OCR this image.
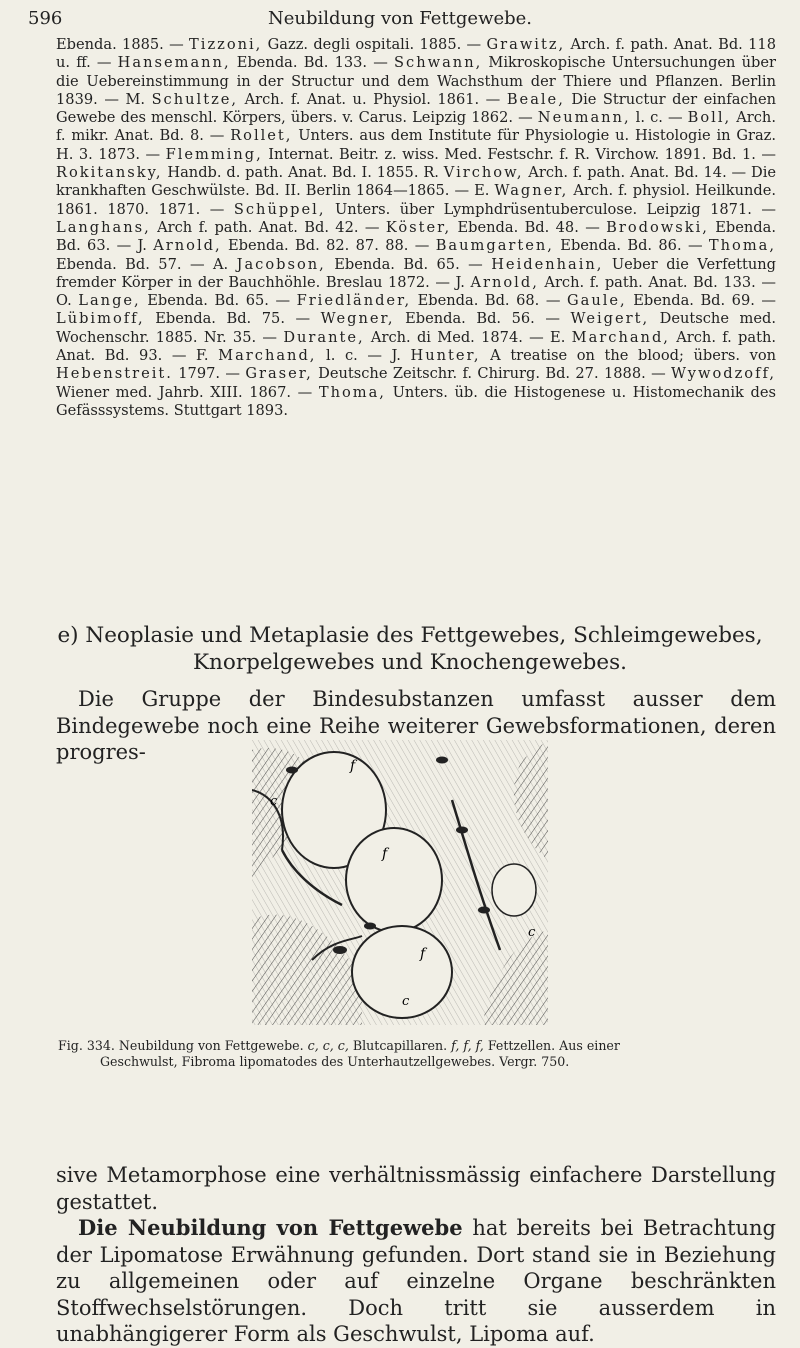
596	Neubildung von Fettgewebe.
Ebenda. 1885. — Tizzoni, Gazz. degli ospitali. 1885. — Grawitz, Arch. f. path. Anat. Bd. 118 u. ff. — Hansemann, Ebenda. Bd. 133. — Schwann, Mikroskopische Untersuchungen über die Uebereinstimmung in der Structur und dem Wachsthum der Thiere und Pflanzen. Berlin 1839. — M. Schultze, Arch. f. Anat. u. Physiol. 1861. — Beale, Die Structur der einfachen Gewebe des menschl. Körpers, übers. v. Carus. Leipzig 1862. — Neumann, l. c. — Boll, Arch. f. mikr. Anat. Bd. 8. — Rollet, Unters. aus dem Institute für Physiologie u. Histologie in Graz. H. 3. 1873. — Flemming, Internat. Beitr. z. wiss. Med. Festschr. f. R. Virchow. 1891. Bd. 1. — Rokitansky, Handb. d. path. Anat. Bd. I. 1855. R. Virchow, Arch. f. path. Anat. Bd. 14. — Die krankhaften Geschwülste. Bd. II. Berlin 1864—1865. — E. Wagner, Arch. f. physiol. Heilkunde. 1861. 1870. 1871. — Schüppel, Unters. über Lymphdrüsentuberculose. Leipzig 1871. — Langhans, Arch f. path. Anat. Bd. 42. — Köster, Ebenda. Bd. 48. — Brodowski, Ebenda. Bd. 63. — J. Arnold, Ebenda. Bd. 82. 87. 88. — Baumgarten, Ebenda. Bd. 86. — Thoma, Ebenda. Bd. 57. — A. Jacobson, Ebenda. Bd. 65. — Heidenhain, Ueber die Verfettung fremder Körper in der Bauchhöhle. Breslau 1872. — J. Arnold, Arch. f. path. Anat. Bd. 133. — O. Lange, Ebenda. Bd. 65. — Friedländer, Ebenda. Bd. 68. — Gaule, Ebenda. Bd. 69. — Lübimoff, Ebenda. Bd. 75. — Wegner, Ebenda. Bd. 56. — Weigert, Deutsche med. Wochenschr. 1885. Nr. 35. — Durante, Arch. di Med. 1874. — E. Marchand, Arch. f. path. Anat. Bd. 93. — F. Marchand, l. c. — J. Hunter, A treatise on the blood; übers. von Hebenstreit. 1797. — Graser, Deutsche Zeitschr. f. Chirurg. Bd. 27. 1888. — Wywodzoff, Wiener med. Jahrb. XIII. 1867. — Thoma, Unters. üb. die Histogenese u. Histomechanik des Gefässsystems. Stuttgart 1893.
e) Neoplasie und Metaplasie des Fettgewebes, Schleimgewebes,
Knorpelgewebes und Knochengewebes.
Die Gruppe der Bindesubstanzen umfasst ausser dem Bindegewebe noch eine Reihe weiterer Gewebsformationen, deren progres-
f
c
f
c
f
c
Fig. 334. Neubildung von Fettgewebe. c, c, c, Blutcapillaren. f, f, f, Fettzellen. Aus einer
Geschwulst, Fibroma lipomatodes des Unterhautzellgewebes. Vergr. 750.
sive Metamorphose eine verhältnissmässig einfachere Darstellung gestattet.
Die Neubildung von Fettgewebe hat bereits bei Betrachtung der Lipomatose Erwähnung gefunden. Dort stand sie in Beziehung zu allgemeinen oder auf einzelne Organe beschränkten Stoffwechselstörungen. Doch tritt sie ausserdem in unabhängigerer Form als Geschwulst, Lipoma auf.
